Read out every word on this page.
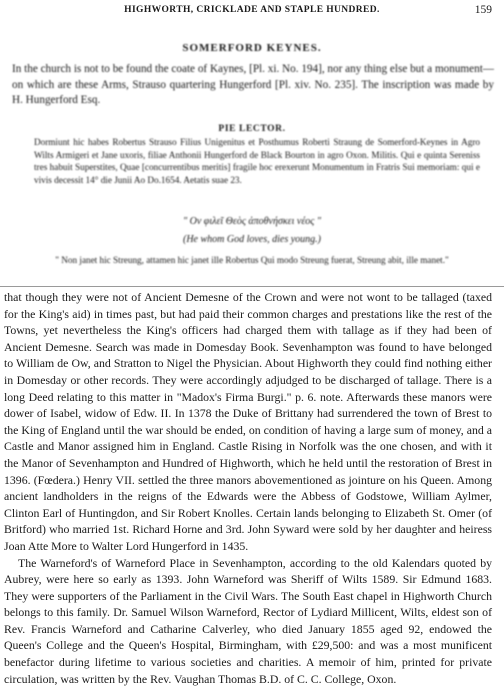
HIGHWORTH, CRICKLADE AND STAPLE HUNDRED.	159
SOMERFORD KEYNES.
In the church is not to be found the coate of Kaynes, [Pl. xi. No. 194], nor any thing else but a monument—on which are these Arms, Strauso quartering Hungerford [Pl. xiv. No. 235]. The inscription was made by H. Hungerford Esq.
PIE LECTOR.
Dormiunt hic habes Robertus Strauso Filius Unigenitus et Posthumus Roberti Straung de Somerford-Keynes in Agro Wilts Armigeri et Jane uxoris, filiae Anthonii Hungerford de Black Bourton in agro Oxon. Militis. Qui e quinta Sereniss tres habuit Superstites, Quae [concurrentibus meritis] fragile hoc erexerunt Monumentum in Fratris Sui memoriam: qui e vivis decessit 14° die Junii Ao Do.1654. Aetatis suae 23.
" Ov φιλεῖ Θεὸς ἀποθνήσκει νέος "
(He whom God loves, dies young.)
" Non janet hic Streung, attamen hic janet ille Robertus Qui modo Streung fuerat, Streung abit, ille manet."

that though they were not of Ancient Demesne of the Crown and were not wont to be tallaged (taxed for the King's aid) in times past, but had paid their common charges and prestations like the rest of the Towns, yet nevertheless the King's officers had charged them with tallage as if they had been of Ancient Demesne. Search was made in Domesday Book. Sevenhampton was found to have belonged to William de Ow, and Stratton to Nigel the Physician. About Highworth they could find nothing either in Domesday or other records. They were accordingly adjudged to be discharged of tallage. There is a long Deed relating to this matter in "Madox's Firma Burgi." p. 6. note. Afterwards these manors were dower of Isabel, widow of Edw. II. In 1378 the Duke of Brittany had surrendered the town of Brest to the King of England until the war should be ended, on condition of having a large sum of money, and a Castle and Manor assigned him in England. Castle Rising in Norfolk was the one chosen, and with it the Manor of Sevenhampton and Hundred of Highworth, which he held until the restoration of Brest in 1396. (Fœdera.) Henry VII. settled the three manors abovementioned as jointure on his Queen. Among ancient landholders in the reigns of the Edwards were the Abbess of Godstowe, William Aylmer, Clinton Earl of Huntingdon, and Sir Robert Knolles. Certain lands belonging to Elizabeth St. Omer (of Britford) who married 1st. Richard Horne and 3rd. John Syward were sold by her daughter and heiress Joan Atte More to Walter Lord Hungerford in 1435.

The Warneford's of Warneford Place in Sevenhampton, according to the old Kalendars quoted by Aubrey, were here so early as 1393. John Warneford was Sheriff of Wilts 1589. Sir Edmund 1683. They were supporters of the Parliament in the Civil Wars. The South East chapel in Highworth Church belongs to this family. Dr. Samuel Wilson Warneford, Rector of Lydiard Millicent, Wilts, eldest son of Rev. Francis Warneford and Catharine Calverley, who died January 1855 aged 92, endowed the Queen's College and the Queen's Hospital, Birmingham, with £29,500: and was a most munificent benefactor during lifetime to various societies and charities. A memoir of him, printed for private circulation, was written by the Rev. Vaughan Thomas B.D. of C. C. College, Oxon.
